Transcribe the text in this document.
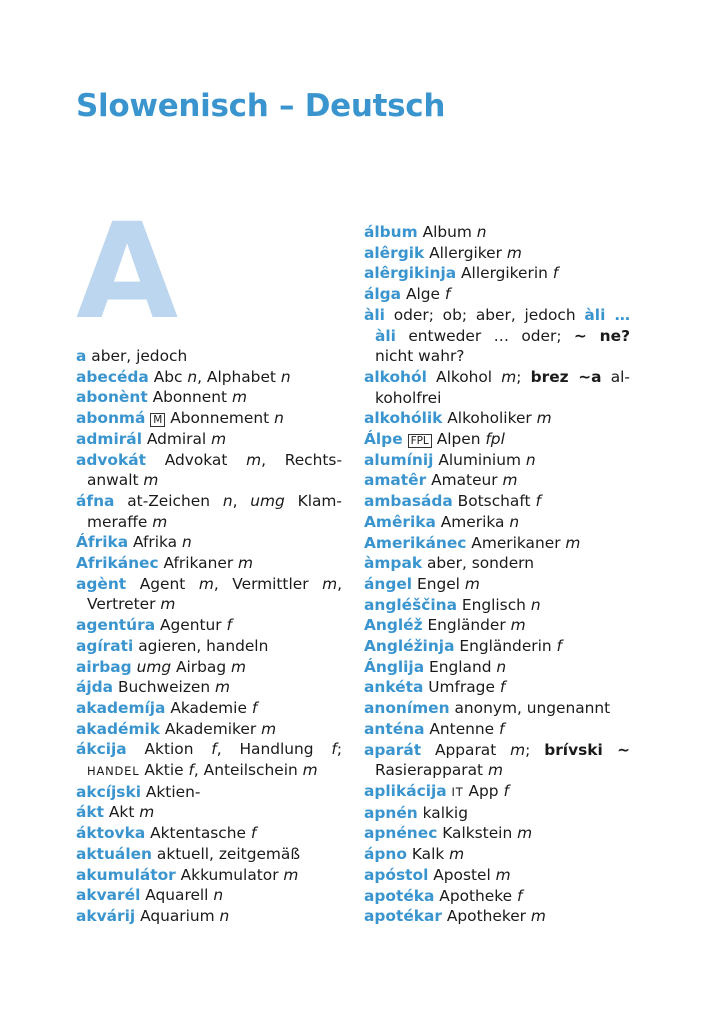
Slowenisch – Deutsch
A
a aber, jedoch
abecéda Abc n, Alphabet n
abonènt Abonnent m
abonmá M Abonnement n
admirál Admiral m
advokát Advokat m, Rechtsanwalt m
áfna at-Zeichen n, umg Klammeraffe m
Áfrika Afrika n
Afrikánec Afrikaner m
agènt Agent m, Vermittler m, Vertreter m
agentúra Agentur f
agírati agieren, handeln
airbag umg Airbag m
ájda Buchweizen m
akademíja Akademie f
akadémik Akademiker m
ákcija Aktion f, Handlung f; HANDEL Aktie f, Anteilschein m
akcíjski Aktien-
ákt Akt m
áktovka Aktentasche f
aktuálen aktuell, zeitgemäß
akumulátor Akkumulator m
akvarél Aquarell n
akvárij Aquarium n
álbum Album n
alêrgik Allergiker m
alêrgikinja Allergikerin f
álga Alge f
àli oder; ob; aber, jedoch àli … àli entweder … oder; ~ ne? nicht wahr?
alkohól Alkohol m; brez ~a alkoholfrei
alkohólik Alkoholiker m
Álpe FPL Alpen fpl
alumínij Aluminium n
amatêr Amateur m
ambasáda Botschaft f
Amêrika Amerika n
Amerikánec Amerikaner m
àmpak aber, sondern
ángel Engel m
angléščina Englisch n
Angléž Engländer m
Angléžinja Engländerin f
Ánglija England n
ankéta Umfrage f
anonímen anonym, ungenannt
anténa Antenne f
aparát Apparat m; brívski ~ Rasierapparat m
aplikácija IT App f
apnén kalkig
apnénec Kalkstein m
ápno Kalk m
apóstol Apostel m
apotéka Apotheke f
apotékar Apotheker m
